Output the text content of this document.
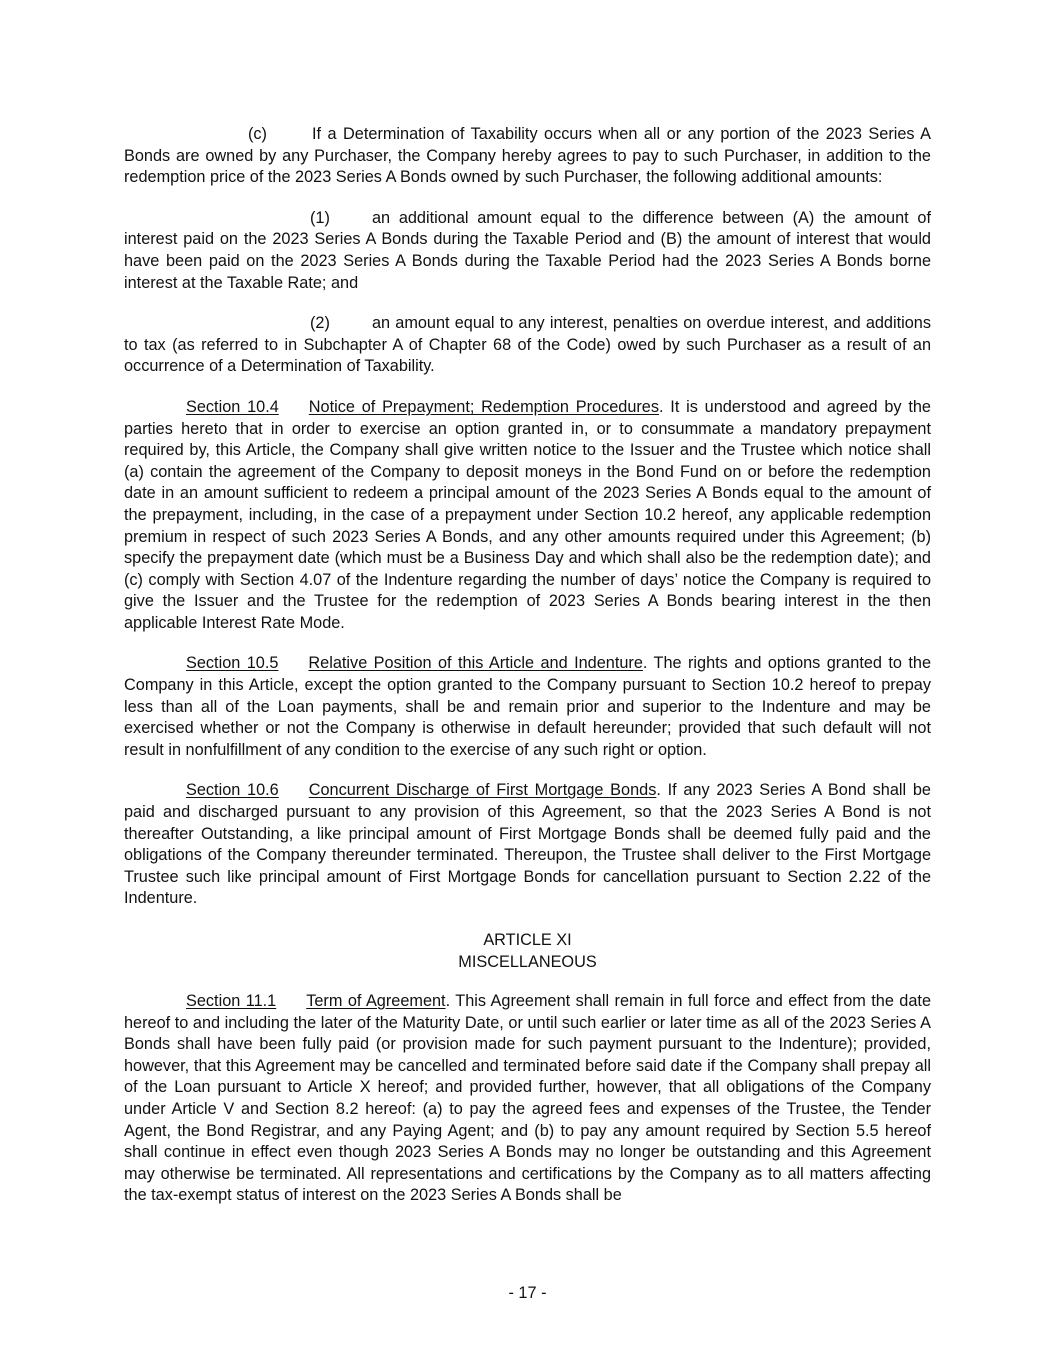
(c)	If a Determination of Taxability occurs when all or any portion of the 2023 Series A Bonds are owned by any Purchaser, the Company hereby agrees to pay to such Purchaser, in addition to the redemption price of the 2023 Series A Bonds owned by such Purchaser, the following additional amounts:

(1)	an additional amount equal to the difference between (A) the amount of interest paid on the 2023 Series A Bonds during the Taxable Period and (B) the amount of interest that would have been paid on the 2023 Series A Bonds during the Taxable Period had the 2023 Series A Bonds borne interest at the Taxable Rate; and

(2)	an amount equal to any interest, penalties on overdue interest, and additions to tax (as referred to in Subchapter A of Chapter 68 of the Code) owed by such Purchaser as a result of an occurrence of a Determination of Taxability.

Section 10.4 Notice of Prepayment; Redemption Procedures. It is understood and agreed by the parties hereto that in order to exercise an option granted in, or to consummate a mandatory prepayment required by, this Article, the Company shall give written notice to the Issuer and the Trustee which notice shall (a) contain the agreement of the Company to deposit moneys in the Bond Fund on or before the redemption date in an amount sufficient to redeem a principal amount of the 2023 Series A Bonds equal to the amount of the prepayment, including, in the case of a prepayment under Section 10.2 hereof, any applicable redemption premium in respect of such 2023 Series A Bonds, and any other amounts required under this Agreement; (b) specify the prepayment date (which must be a Business Day and which shall also be the redemption date); and (c) comply with Section 4.07 of the Indenture regarding the number of days’ notice the Company is required to give the Issuer and the Trustee for the redemption of 2023 Series A Bonds bearing interest in the then applicable Interest Rate Mode.

Section 10.5 Relative Position of this Article and Indenture. The rights and options granted to the Company in this Article, except the option granted to the Company pursuant to Section 10.2 hereof to prepay less than all of the Loan payments, shall be and remain prior and superior to the Indenture and may be exercised whether or not the Company is otherwise in default hereunder; provided that such default will not result in nonfulfillment of any condition to the exercise of any such right or option.

Section 10.6 Concurrent Discharge of First Mortgage Bonds. If any 2023 Series A Bond shall be paid and discharged pursuant to any provision of this Agreement, so that the 2023 Series A Bond is not thereafter Outstanding, a like principal amount of First Mortgage Bonds shall be deemed fully paid and the obligations of the Company thereunder terminated. Thereupon, the Trustee shall deliver to the First Mortgage Trustee such like principal amount of First Mortgage Bonds for cancellation pursuant to Section 2.22 of the Indenture.

ARTICLE XI
MISCELLANEOUS

Section 11.1 Term of Agreement. This Agreement shall remain in full force and effect from the date hereof to and including the later of the Maturity Date, or until such earlier or later time as all of the 2023 Series A Bonds shall have been fully paid (or provision made for such payment pursuant to the Indenture); provided, however, that this Agreement may be cancelled and terminated before said date if the Company shall prepay all of the Loan pursuant to Article X hereof; and provided further, however, that all obligations of the Company under Article V and Section 8.2 hereof: (a) to pay the agreed fees and expenses of the Trustee, the Tender Agent, the Bond Registrar, and any Paying Agent; and (b) to pay any amount required by Section 5.5 hereof shall continue in effect even though 2023 Series A Bonds may no longer be outstanding and this Agreement may otherwise be terminated. All representations and certifications by the Company as to all matters affecting the tax-exempt status of interest on the 2023 Series A Bonds shall be

- 17 -
